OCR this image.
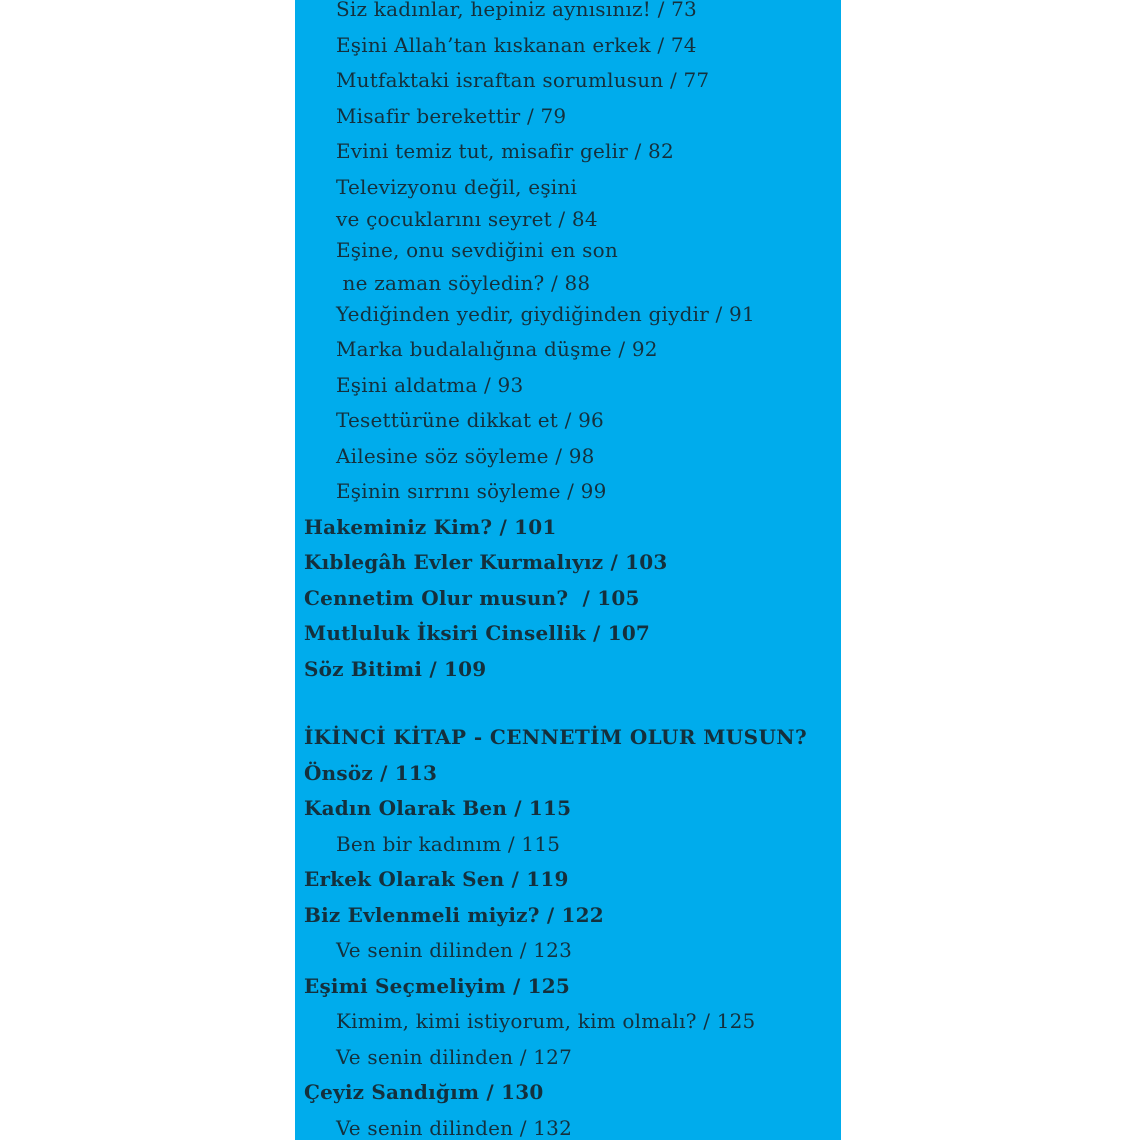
Siz kadınlar, hepiniz aynısınız! / 73
Eşini Allah’tan kıskanan erkek / 74
Mutfaktaki israftan sorumlusun / 77
Misafir berekettir / 79
Evini temiz tut, misafir gelir / 82
Televizyonu değil, eşini
ve çocuklarını seyret / 84
Eşine, onu sevdiğini en son
ne zaman söyledin? / 88
Yediğinden yedir, giydiğinden giydir / 91
Marka budalalığına düşme / 92
Eşini aldatma / 93
Tesettürüne dikkat et / 96
Ailesine söz söyleme / 98
Eşinin sırrını söyleme / 99
Hakeminiz Kim? / 101
Kıblegâh Evler Kurmalıyız / 103
Cennetim Olur musun?  / 105
Mutluluk İksiri Cinsellik / 107
Söz Bitimi / 109
İKİNCİ KİTAP - CENNETİM OLUR MUSUN?
Önsöz / 113
Kadın Olarak Ben / 115
Ben bir kadınım / 115
Erkek Olarak Sen / 119
Biz Evlenmeli miyiz? / 122
Ve senin dilinden / 123
Eşimi Seçmeliyim / 125
Kimim, kimi istiyorum, kim olmalı? / 125
Ve senin dilinden / 127
Çeyiz Sandığım / 130
Ve senin dilinden / 132
